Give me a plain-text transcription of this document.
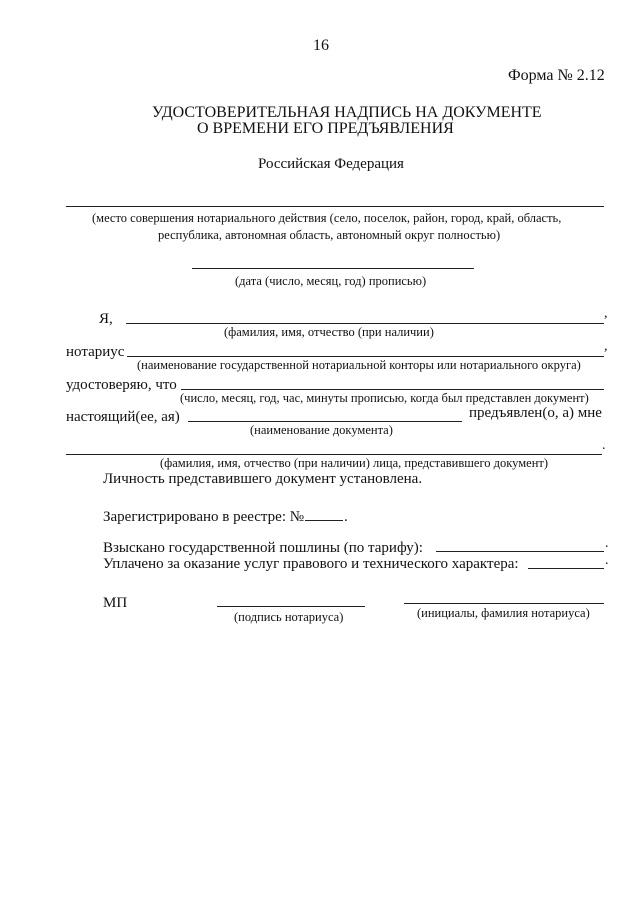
16
Форма № 2.12
УДОСТОВЕРИТЕЛЬНАЯ НАДПИСЬ НА ДОКУМЕНТЕ
О ВРЕМЕНИ ЕГО ПРЕДЪЯВЛЕНИЯ
Российская Федерация
(место совершения нотариального действия (село, поселок, район, город, край, область,
республика, автономная область, автономный округ полностью)
(дата (число, месяц, год) прописью)
Я,	,
(фамилия, имя, отчество (при наличии)
нотариус	,
(наименование государственной нотариальной конторы или нотариального округа)
удостоверяю, что
(число, месяц, год, час, минуты прописью, когда был представлен документ)
настоящий(ее, ая)	предъявлен(о, а) мне
(наименование документа)
.
(фамилия, имя, отчество (при наличии) лица, представившего документ)
Личность представившего документ установлена.
Зарегистрировано в реестре: №	.
Взыскано государственной пошлины (по тарифу):	.
Уплачено за оказание услуг правового и технического характера:	.
МП
(подпись нотариуса)	(инициалы, фамилия нотариуса)
